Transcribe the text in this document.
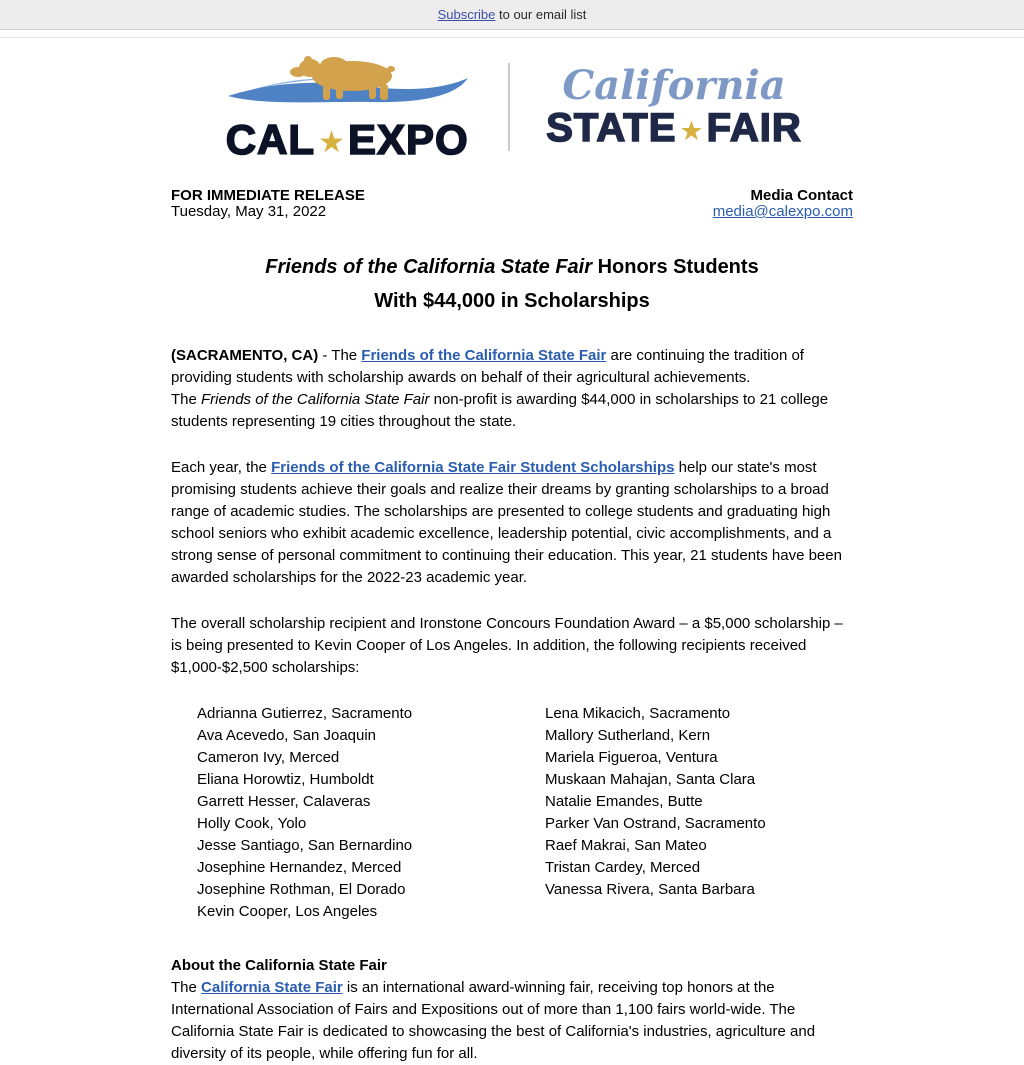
Subscribe to our email list
CAL ★ EXPO
California
STATE ★ FAIR
FOR IMMEDIATE RELEASE
Tuesday, May 31, 2022
Media Contact
media@calexpo.com
Friends of the California State Fair Honors Students
With $44,000 in Scholarships

(SACRAMENTO, CA) - The Friends of the California State Fair are continuing the tradition of providing students with scholarship awards on behalf of their agricultural achievements.
The Friends of the California State Fair non-profit is awarding $44,000 in scholarships to 21 college students representing 19 cities throughout the state.

Each year, the Friends of the California State Fair Student Scholarships help our state's most promising students achieve their goals and realize their dreams by granting scholarships to a broad range of academic studies. The scholarships are presented to college students and graduating high school seniors who exhibit academic excellence, leadership potential, civic accomplishments, and a strong sense of personal commitment to continuing their education. This year, 21 students have been awarded scholarships for the 2022-23 academic year.

The overall scholarship recipient and Ironstone Concours Foundation Award – a $5,000 scholarship – is being presented to Kevin Cooper of Los Angeles. In addition, the following recipients received $1,000-$2,500 scholarships:

Adrianna Gutierrez, Sacramento
Ava Acevedo, San Joaquin
Cameron Ivy, Merced
Eliana Horowtiz, Humboldt
Garrett Hesser, Calaveras
Holly Cook, Yolo
Jesse Santiago, San Bernardino
Josephine Hernandez, Merced
Josephine Rothman, El Dorado
Kevin Cooper, Los Angeles
Lena Mikacich, Sacramento
Mallory Sutherland, Kern
Mariela Figueroa, Ventura
Muskaan Mahajan, Santa Clara
Natalie Emandes, Butte
Parker Van Ostrand, Sacramento
Raef Makrai, San Mateo
Tristan Cardey, Merced
Vanessa Rivera, Santa Barbara
About the California State Fair

The California State Fair is an international award-winning fair, receiving top honors at the International Association of Fairs and Expositions out of more than 1,100 fairs world-wide. The California State Fair is dedicated to showcasing the best of California's industries, agriculture and diversity of its people, while offering fun for all.
